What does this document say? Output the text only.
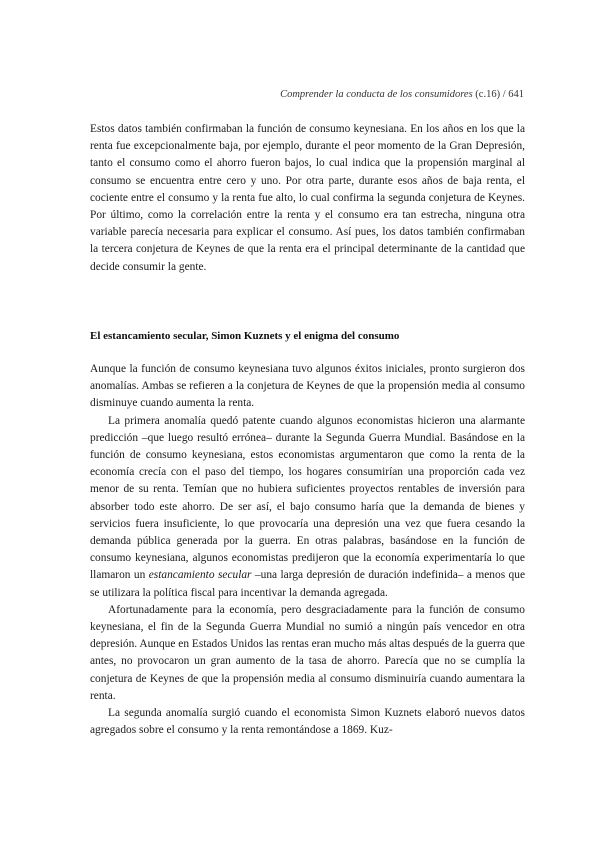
Comprender la conducta de los consumidores (c.16) / 641

Estos datos también confirmaban la función de consumo keynesiana. En los años en los que la renta fue excepcionalmente baja, por ejemplo, durante el peor momento de la Gran Depresión, tanto el consumo como el ahorro fueron bajos, lo cual indica que la propensión marginal al consumo se encuentra entre cero y uno. Por otra parte, durante esos años de baja renta, el cociente entre el consumo y la renta fue alto, lo cual confirma la segunda conjetura de Keynes. Por último, como la correlación entre la renta y el consumo era tan estrecha, ninguna otra variable parecía necesaria para explicar el consumo. Así pues, los datos también confirmaban la tercera conjetura de Keynes de que la renta era el principal determinante de la cantidad que decide consumir la gente.

El estancamiento secular, Simon Kuznets y el enigma del consumo

Aunque la función de consumo keynesiana tuvo algunos éxitos iniciales, pronto surgieron dos anomalías. Ambas se refieren a la conjetura de Keynes de que la propensión media al consumo disminuye cuando aumenta la renta.

La primera anomalía quedó patente cuando algunos economistas hicieron una alarmante predicción –que luego resultó errónea– durante la Segunda Guerra Mundial. Basándose en la función de consumo keynesiana, estos economistas argumentaron que como la renta de la economía crecía con el paso del tiempo, los hogares consumirían una proporción cada vez menor de su renta. Temían que no hubiera suficientes proyectos rentables de inversión para absorber todo este ahorro. De ser así, el bajo consumo haría que la demanda de bienes y servicios fuera insuficiente, lo que provocaría una depresión una vez que fuera cesando la demanda pública generada por la guerra. En otras palabras, basándose en la función de consumo keynesiana, algunos economistas predijeron que la economía experimentaría lo que llamaron un estancamiento secular –una larga depresión de duración indefinida– a menos que se utilizara la política fiscal para incentivar la demanda agregada.

Afortunadamente para la economía, pero desgraciadamente para la función de consumo keynesiana, el fin de la Segunda Guerra Mundial no sumió a ningún país vencedor en otra depresión. Aunque en Estados Unidos las rentas eran mucho más altas después de la guerra que antes, no provocaron un gran aumento de la tasa de ahorro. Parecía que no se cumplía la conjetura de Keynes de que la propensión media al consumo disminuiría cuando aumentara la renta.

La segunda anomalía surgió cuando el economista Simon Kuznets elaboró nuevos datos agregados sobre el consumo y la renta remontándose a 1869. Kuz-
